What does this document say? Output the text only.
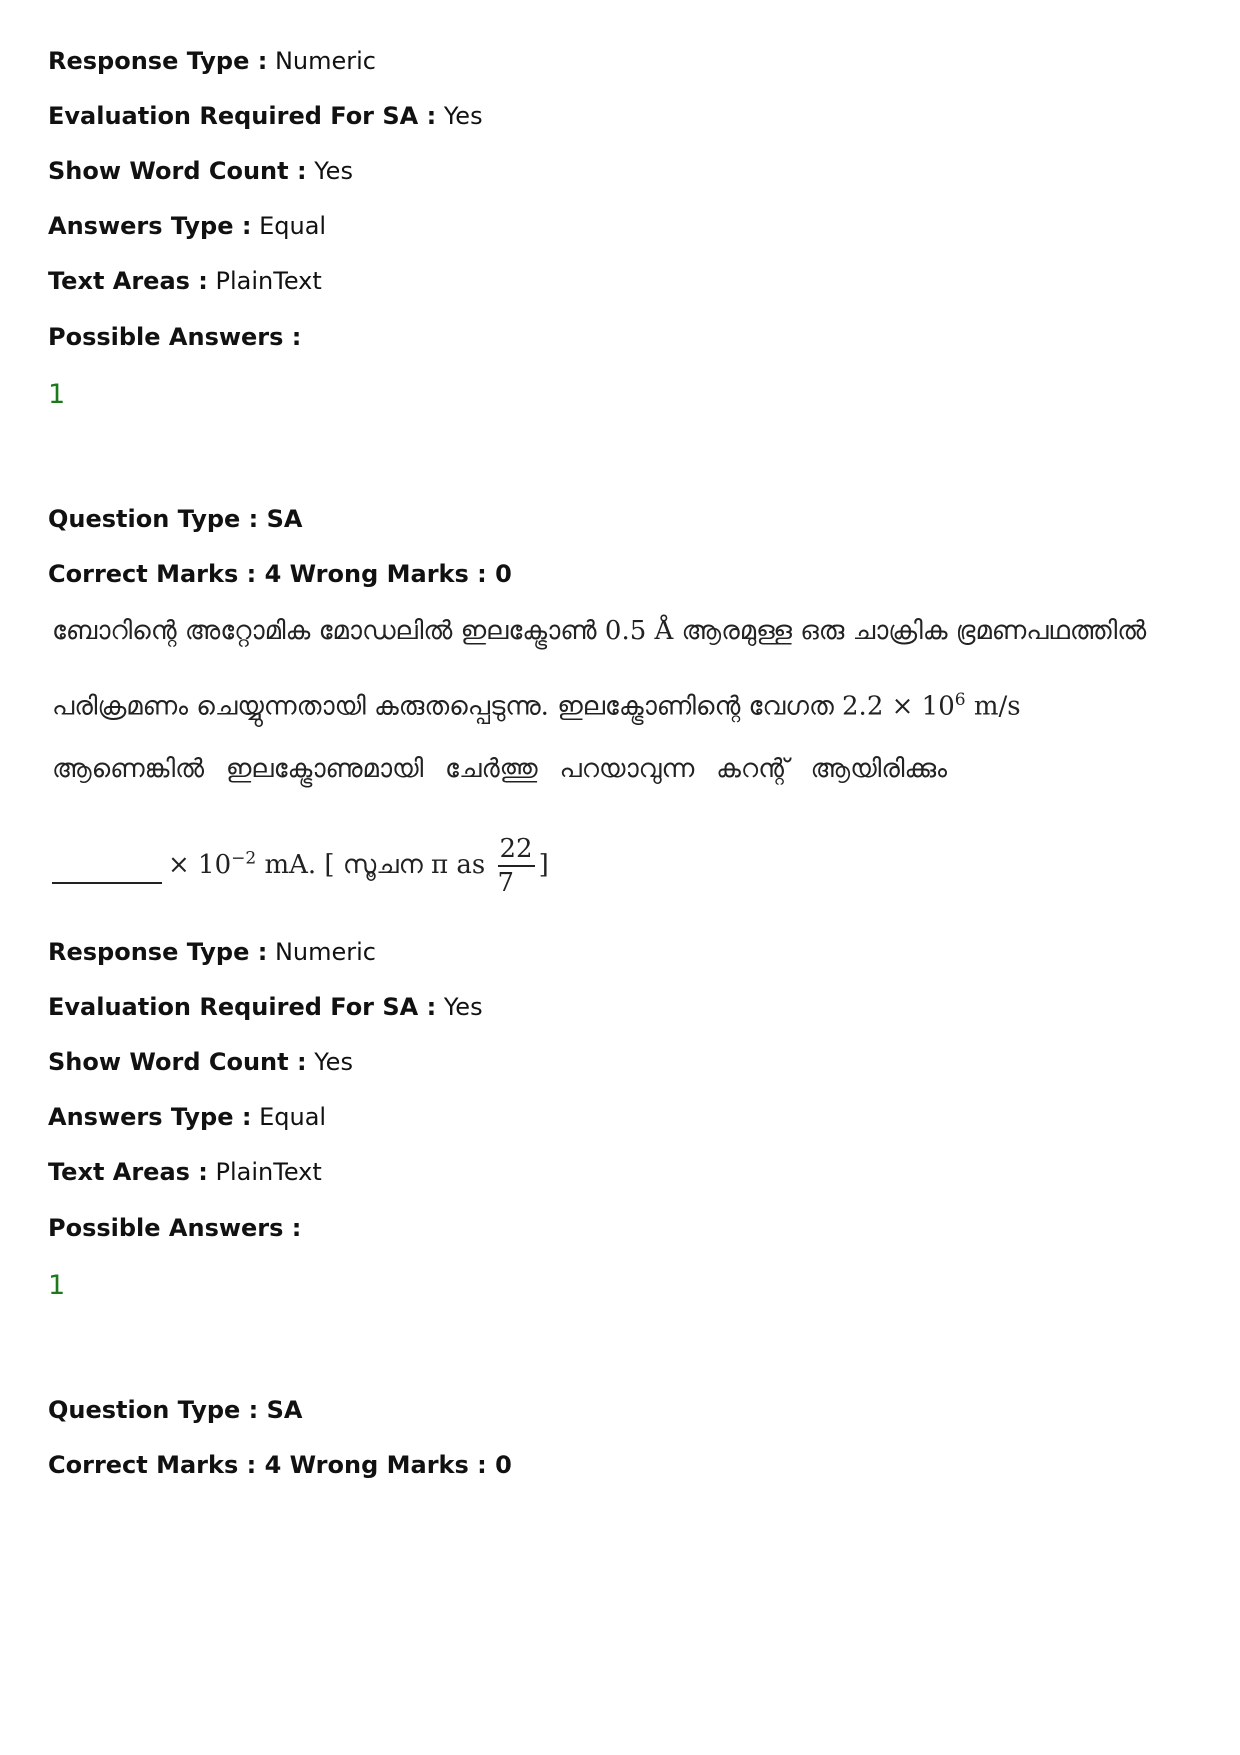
Response Type : Numeric
Evaluation Required For SA : Yes
Show Word Count : Yes
Answers Type : Equal
Text Areas : PlainText
Possible Answers :
1
Question Type : SA
Correct Marks : 4 Wrong Marks : 0
ബോറിന്റെ അറ്റോമിക മോഡലിൽ ഇലക്ട്രോൺ 0.5 Å ആരമുള്ള ഒരു ചാക്രിക ഭ്രമണപഥത്തിൽ
പരിക്രമണം ചെയ്യുന്നതായി കരുതപ്പെടുന്നു. ഇലക്ട്രോണിന്റെ വേഗത $2.2 \times 10^6$ m/s
ആണെങ്കിൽ ഇലക്ട്രോണുമായി ചേർത്തു പറയാവുന്ന കറന്റ് ആയിരിക്കും
× $10^{-2}$ mA. [ സൂചന π as $\frac{22}{7}$ ]
Response Type : Numeric
Evaluation Required For SA : Yes
Show Word Count : Yes
Answers Type : Equal
Text Areas : PlainText
Possible Answers :
1
Question Type : SA
Correct Marks : 4 Wrong Marks : 0
